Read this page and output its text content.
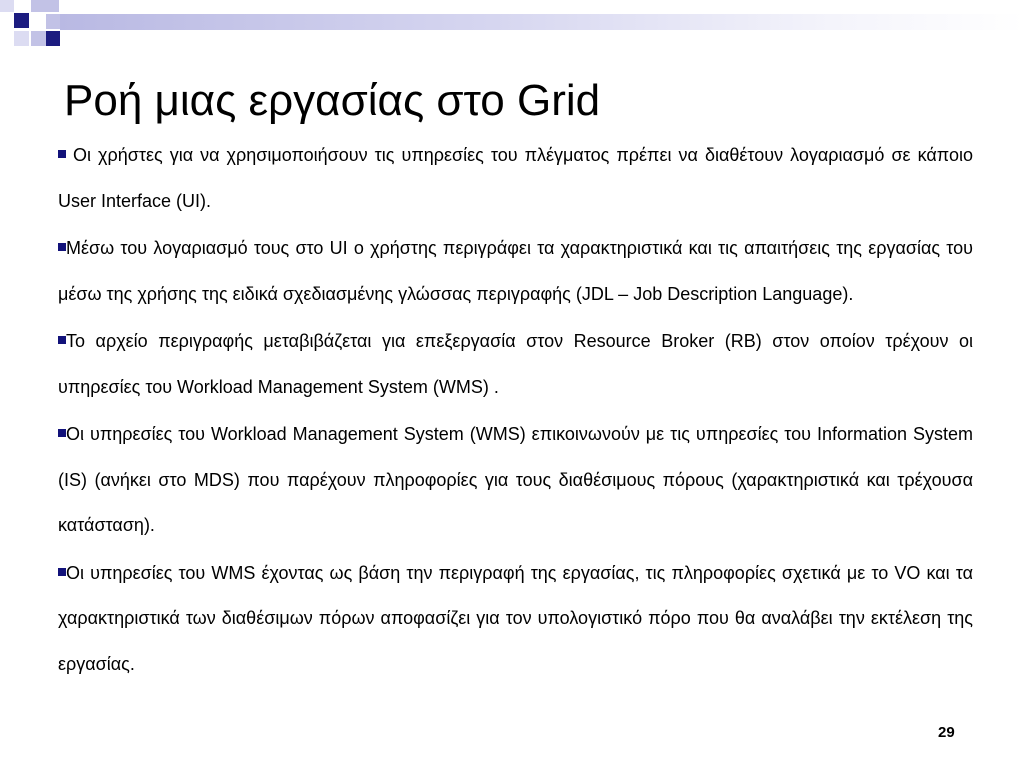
Ροή μιας εργασίας στο Grid

Οι χρήστες για να χρησιμοποιήσουν τις υπηρεσίες του πλέγματος πρέπει να διαθέτουν λογαριασμό σε κάποιο User Interface (UI).

Μέσω του λογαριασμό τους στο UI ο χρήστης περιγράφει τα χαρακτηριστικά και τις απαιτήσεις της εργασίας του μέσω της χρήσης της ειδικά σχεδιασμένης γλώσσας περιγραφής (JDL – Job Description Language).

Το αρχείο περιγραφής μεταβιβάζεται για επεξεργασία στον Resource Broker (RB) στον οποίον τρέχουν οι υπηρεσίες του Workload Management System (WMS) .

Οι υπηρεσίες του Workload Management System (WMS) επικοινωνούν με τις υπηρεσίες του Information System (IS) (ανήκει στο MDS) που παρέχουν πληροφορίες για τους διαθέσιμους πόρους (χαρακτηριστικά και τρέχουσα κατάσταση).

Οι υπηρεσίες του WMS έχοντας ως βάση την περιγραφή της εργασίας, τις πληροφορίες σχετικά με το VO και τα χαρακτηριστικά των διαθέσιμων πόρων αποφασίζει για τον υπολογιστικό πόρο που θα αναλάβει την εκτέλεση της εργασίας.

29
